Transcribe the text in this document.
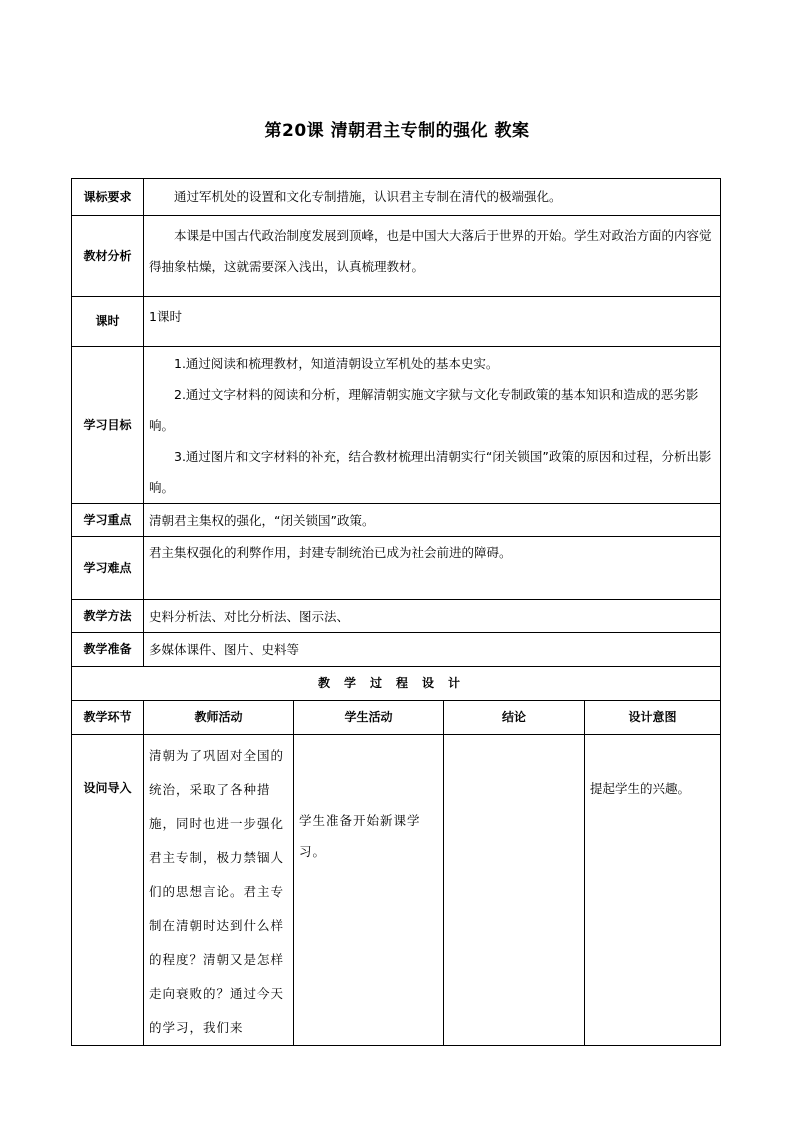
第20课 清朝君主专制的强化 教案
课标要求	通过军机处的设置和文化专制措施，认识君主专制在清代的极端强化。			
教材分析	本课是中国古代政治制度发展到顶峰，也是中国大大落后于世界的开始。学生对政治方面的内容觉得抽象枯燥，这就需要深入浅出，认真梳理教材。			
课时	1课时			
学习目标	1.通过阅读和梳理教材，知道清朝设立军机处的基本史实。
2.通过文字材料的阅读和分析，理解清朝实施文字狱与文化专制政策的基本知识和造成的恶劣影响。
3.通过图片和文字材料的补充，结合教材梳理出清朝实行“闭关锁国”政策的原因和过程，分析出影响。			

学习重点	清朝君主集权的强化，“闭关锁国”政策。			
学习难点	君主集权强化的利弊作用，封建专制统治已成为社会前进的障碍。			
教学方法	史料分析法、对比分析法、图示法、			
教学准备	多媒体课件、图片、史料等			
教学过程设计				
教学环节	教师活动	学生活动	结论	设计意图
设问导入	清朝为了巩固对全国的统治，采取了各种措施，同时也进一步强化君主专制，极力禁锢人们的思想言论。君主专制在清朝时达到什么样的程度？清朝又是怎样走向衰败的？通过今天的学习，我们来	学生准备开始新课学习。		提起学生的兴趣。
